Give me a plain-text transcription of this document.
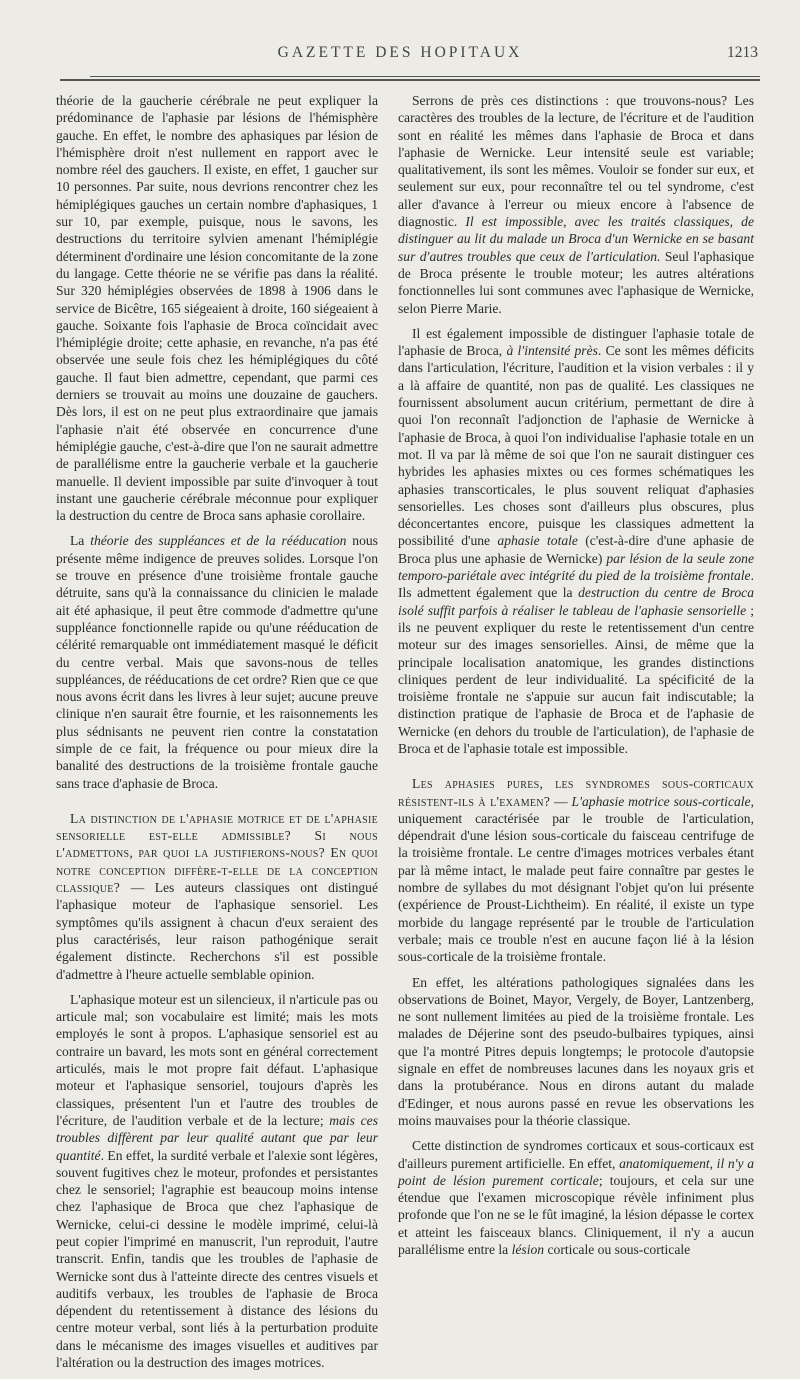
GAZETTE DES HOPITAUX	1213

théorie de la gaucherie cérébrale ne peut expliquer la prédominance de l'aphasie par lésions de l'hémisphère gauche. En effet, le nombre des aphasiques par lésion de l'hémisphère droit n'est nullement en rapport avec le nombre réel des gauchers. Il existe, en effet, 1 gaucher sur 10 personnes. Par suite, nous devrions rencontrer chez les hémiplégiques gauches un certain nombre d'aphasiques, 1 sur 10, par exemple, puisque, nous le savons, les destructions du territoire sylvien amenant l'hémiplégie déterminent d'ordinaire une lésion concomitante de la zone du langage. Cette théorie ne se vérifie pas dans la réalité. Sur 320 hémiplégies observées de 1898 à 1906 dans le service de Bicêtre, 165 siégeaient à droite, 160 siégeaient à gauche. Soixante fois l'aphasie de Broca coïncidait avec l'hémiplégie droite; cette aphasie, en revanche, n'a pas été observée une seule fois chez les hémiplégiques du côté gauche. Il faut bien admettre, cependant, que parmi ces derniers se trouvait au moins une douzaine de gauchers. Dès lors, il est on ne peut plus extraordinaire que jamais l'aphasie n'ait été observée en concurrence d'une hémiplégie gauche, c'est-à-dire que l'on ne saurait admettre de parallélisme entre la gaucherie verbale et la gaucherie manuelle. Il devient impossible par suite d'invoquer à tout instant une gaucherie cérébrale méconnue pour expliquer la destruction du centre de Broca sans aphasie corollaire.

La théorie des suppléances et de la rééducation nous présente même indigence de preuves solides. Lorsque l'on se trouve en présence d'une troisième frontale gauche détruite, sans qu'à la connaissance du clinicien le malade ait été aphasique, il peut être commode d'admettre qu'une suppléance fonctionnelle rapide ou qu'une rééducation de célérité remarquable ont immédiatement masqué le déficit du centre verbal. Mais que savons-nous de telles suppléances, de rééducations de cet ordre? Rien que ce que nous avons écrit dans les livres à leur sujet; aucune preuve clinique n'en saurait être fournie, et les raisonnements les plus sédnisants ne peuvent rien contre la constatation simple de ce fait, la fréquence ou pour mieux dire la banalité des destructions de la troisième frontale gauche sans trace d'aphasie de Broca.

La distinction de l'aphasie motrice et de l'aphasie sensorielle est-elle admissible? Si nous l'admettons, par quoi la justifierons-nous? En quoi notre conception diffère-t-elle de la conception classique? — Les auteurs classiques ont distingué l'aphasique moteur de l'aphasique sensoriel. Les symptômes qu'ils assignent à chacun d'eux seraient des plus caractérisés, leur raison pathogénique serait également distincte. Recherchons s'il est possible d'admettre à l'heure actuelle semblable opinion.

L'aphasique moteur est un silencieux, il n'articule pas ou articule mal; son vocabulaire est limité; mais les mots employés le sont à propos. L'aphasique sensoriel est au contraire un bavard, les mots sont en général correctement articulés, mais le mot propre fait défaut. L'aphasique moteur et l'aphasique sensoriel, toujours d'après les classiques, présentent l'un et l'autre des troubles de l'écriture, de l'audition verbale et de la lecture; mais ces troubles diffèrent par leur qualité autant que par leur quantité. En effet, la surdité verbale et l'alexie sont légères, souvent fugitives chez le moteur, profondes et persistantes chez le sensoriel; l'agraphie est beaucoup moins intense chez l'aphasique de Broca que chez l'aphasique de Wernicke, celui-ci dessine le modèle imprimé, celui-là peut copier l'imprimé en manuscrit, l'un reproduit, l'autre transcrit. Enfin, tandis que les troubles de l'aphasie de Wernicke sont dus à l'atteinte directe des centres visuels et auditifs verbaux, les troubles de l'aphasie de Broca dépendent du retentissement à distance des lésions du centre moteur verbal, sont liés à la perturbation produite dans le mécanisme des images visuelles et auditives par l'altération ou la destruction des images motrices.

Serrons de près ces distinctions : que trouvons-nous? Les caractères des troubles de la lecture, de l'écriture et de l'audition sont en réalité les mêmes dans l'aphasie de Broca et dans l'aphasie de Wernicke. Leur intensité seule est variable; qualitativement, ils sont les mêmes. Vouloir se fonder sur eux, et seulement sur eux, pour reconnaître tel ou tel syndrome, c'est aller d'avance à l'erreur ou mieux encore à l'absence de diagnostic. Il est impossible, avec les traités classiques, de distinguer au lit du malade un Broca d'un Wernicke en se basant sur d'autres troubles que ceux de l'articulation. Seul l'aphasique de Broca présente le trouble moteur; les autres altérations fonctionnelles lui sont communes avec l'aphasique de Wernicke, selon Pierre Marie.

Il est également impossible de distinguer l'aphasie totale de l'aphasie de Broca, à l'intensité près. Ce sont les mêmes déficits dans l'articulation, l'écriture, l'audition et la vision verbales : il y a là affaire de quantité, non pas de qualité. Les classiques ne fournissent absolument aucun critérium, permettant de dire à quoi l'on reconnaît l'adjonction de l'aphasie de Wernicke à l'aphasie de Broca, à quoi l'on individualise l'aphasie totale en un mot. Il va par là même de soi que l'on ne saurait distinguer ces hybrides les aphasies mixtes ou ces formes schématiques les aphasies transcorticales, le plus souvent reliquat d'aphasies sensorielles. Les choses sont d'ailleurs plus obscures, plus déconcertantes encore, puisque les classiques admettent la possibilité d'une aphasie totale (c'est-à-dire d'une aphasie de Broca plus une aphasie de Wernicke) par lésion de la seule zone temporo-pariétale avec intégrité du pied de la troisième frontale. Ils admettent également que la destruction du centre de Broca isolé suffit parfois à réaliser le tableau de l'aphasie sensorielle ; ils ne peuvent expliquer du reste le retentissement d'un centre moteur sur des images sensorielles. Ainsi, de même que la principale localisation anatomique, les grandes distinctions cliniques perdent de leur individualité. La spécificité de la troisième frontale ne s'appuie sur aucun fait indiscutable; la distinction pratique de l'aphasie de Broca et de l'aphasie de Wernicke (en dehors du trouble de l'articulation), de l'aphasie de Broca et de l'aphasie totale est impossible.

Les aphasies pures, les syndromes sous-corticaux résistent-ils à l'examen? — L'aphasie motrice sous-corticale, uniquement caractérisée par le trouble de l'articulation, dépendrait d'une lésion sous-corticale du faisceau centrifuge de la troisième frontale. Le centre d'images motrices verbales étant par là même intact, le malade peut faire connaître par gestes le nombre de syllabes du mot désignant l'objet qu'on lui présente (expérience de Proust-Lichtheim). En réalité, il existe un type morbide du langage représenté par le trouble de l'articulation verbale; mais ce trouble n'est en aucune façon lié à la lésion sous-corticale de la troisième frontale.

En effet, les altérations pathologiques signalées dans les observations de Boinet, Mayor, Vergely, de Boyer, Lantzenberg, ne sont nullement limitées au pied de la troisième frontale. Les malades de Déjerine sont des pseudo-bulbaires typiques, ainsi que l'a montré Pitres depuis longtemps; le protocole d'autopsie signale en effet de nombreuses lacunes dans les noyaux gris et dans la protubérance. Nous en dirons autant du malade d'Edinger, et nous aurons passé en revue les observations les moins mauvaises pour la théorie classique.

Cette distinction de syndromes corticaux et sous-corticaux est d'ailleurs purement artificielle. En effet, anatomiquement, il n'y a point de lésion purement corticale; toujours, et cela sur une étendue que l'examen microscopique révèle infiniment plus profonde que l'on ne se le fût imaginé, la lésion dépasse le cortex et atteint les faisceaux blancs. Cliniquement, il n'y a aucun parallélisme entre la lésion corticale ou sous-corticale
